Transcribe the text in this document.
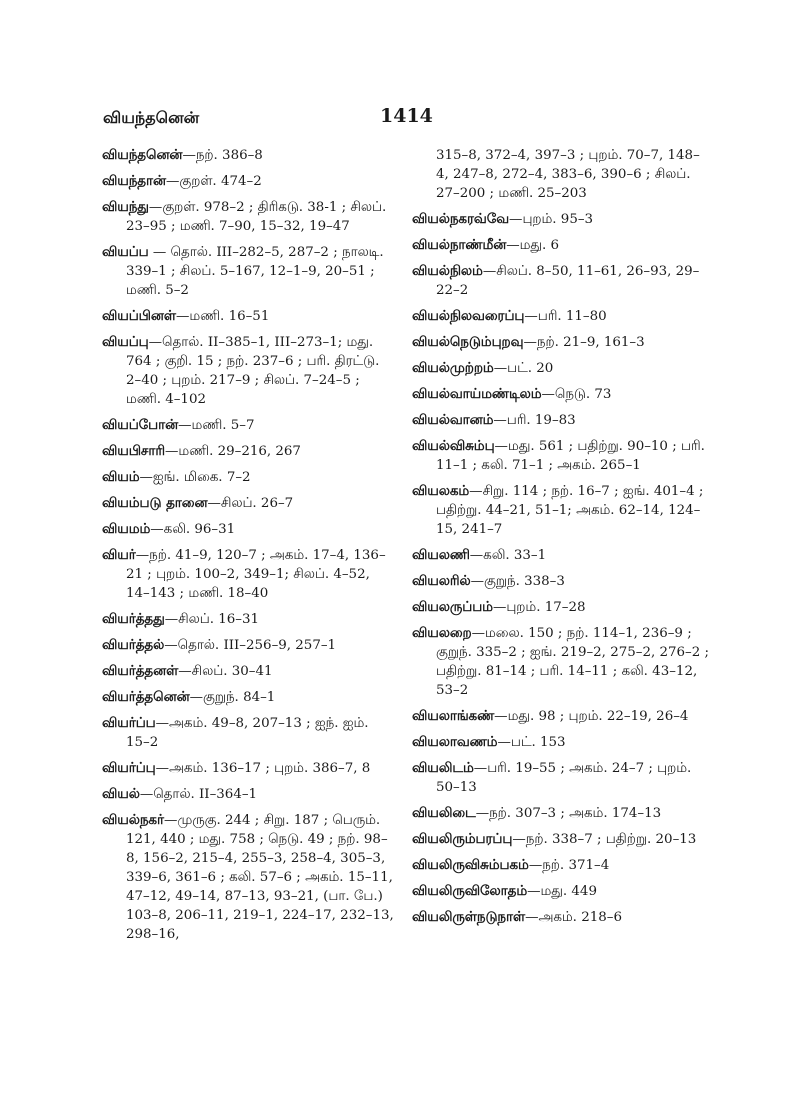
வியந்தனென்	1414

வியந்தனென்—நற். 386–8

வியந்தான்—குறள். 474–2

வியந்து—குறள். 978–2 ; திரிகடு. 38-1 ; சிலப். 23–95 ; மணி. 7–90, 15–32, 19–47

வியப்ப — தொல். III–282–5, 287–2 ; நாலடி. 339–1 ; சிலப். 5–167, 12–1–9, 20–51 ; மணி. 5–2

வியப்பினள்—மணி. 16–51

வியப்பு—தொல். II–385–1, III–273–1; மது. 764 ; குறி. 15 ; நற். 237–6 ; பரி. திரட்டு. 2–40 ; புறம். 217–9 ; சிலப். 7–24–5 ; மணி. 4–102

வியப்போன்—மணி. 5–7

வியபிசாரி—மணி. 29–216, 267

வியம்—ஐங். மிகை. 7–2

வியம்படு தானை—சிலப். 26–7

வியமம்—கலி. 96–31

வியர்—நற். 41–9, 120–7 ; அகம். 17–4, 136–21 ; புறம். 100–2, 349–1; சிலப். 4–52, 14–143 ; மணி. 18–40

வியர்த்தது—சிலப். 16–31

வியர்த்தல்—தொல். III–256–9, 257–1

வியர்த்தனள்—சிலப். 30–41

வியர்த்தனென்—குறுந். 84–1

வியர்ப்ப—அகம். 49–8, 207–13 ; ஐந். ஐம். 15–2

வியர்ப்பு—அகம். 136–17 ; புறம். 386–7, 8

வியல்—தொல். II–364–1

வியல்நகர்—முருகு. 244 ; சிறு. 187 ; பெரும். 121, 440 ; மது. 758 ; நெடு. 49 ; நற். 98–8, 156–2, 215–4, 255–3, 258–4, 305–3, 339–6, 361–6 ; கலி. 57–6 ; அகம். 15–11, 47–12, 49–14, 87–13, 93–21, (பா. பே.) 103–8, 206–11, 219–1, 224–17, 232–13, 298–16,

315–8, 372–4, 397–3 ; புறம். 70–7, 148–4, 247–8, 272–4, 383–6, 390–6 ; சிலப். 27–200 ; மணி. 25–203

வியல்நகரவ்வே—புறம். 95–3

வியல்நாண்மீன்—மது. 6

வியல்நிலம்—சிலப். 8–50, 11–61, 26–93, 29–22–2

வியல்நிலவரைப்பு—பரி. 11–80

வியல்நெடும்புறவு—நற். 21–9, 161–3

வியல்முற்றம்—பட். 20

வியல்வாய்மண்டிலம்—நெடு. 73

வியல்வானம்—பரி. 19–83

வியல்விசும்பு—மது. 561 ; பதிற்று. 90–10 ; பரி. 11–1 ; கலி. 71–1 ; அகம். 265–1

வியலகம்—சிறு. 114 ; நற். 16–7 ; ஐங். 401–4 ; பதிற்று. 44–21, 51–1; அகம். 62–14, 124–15, 241–7

வியலணி—கலி. 33–1

வியலரில்—குறுந். 338–3

வியலருப்பம்—புறம். 17–28

வியலறை—மலை. 150 ; நற். 114–1, 236–9 ; குறுந். 335–2 ; ஐங். 219–2, 275–2, 276–2 ; பதிற்று. 81–14 ; பரி. 14–11 ; கலி. 43–12, 53–2

வியலாங்கண்—மது. 98 ; புறம். 22–19, 26–4

வியலாவணம்—பட். 153

வியலிடம்—பரி. 19–55 ; அகம். 24–7 ; புறம். 50–13

வியலிடை—நற். 307–3 ; அகம். 174–13

வியலிரும்பரப்பு—நற். 338–7 ; பதிற்று. 20–13

வியலிருவிசும்பகம்—நற். 371–4

வியலிருவிலோதம்—மது. 449

வியலிருள்நடுநாள்—அகம். 218–6
